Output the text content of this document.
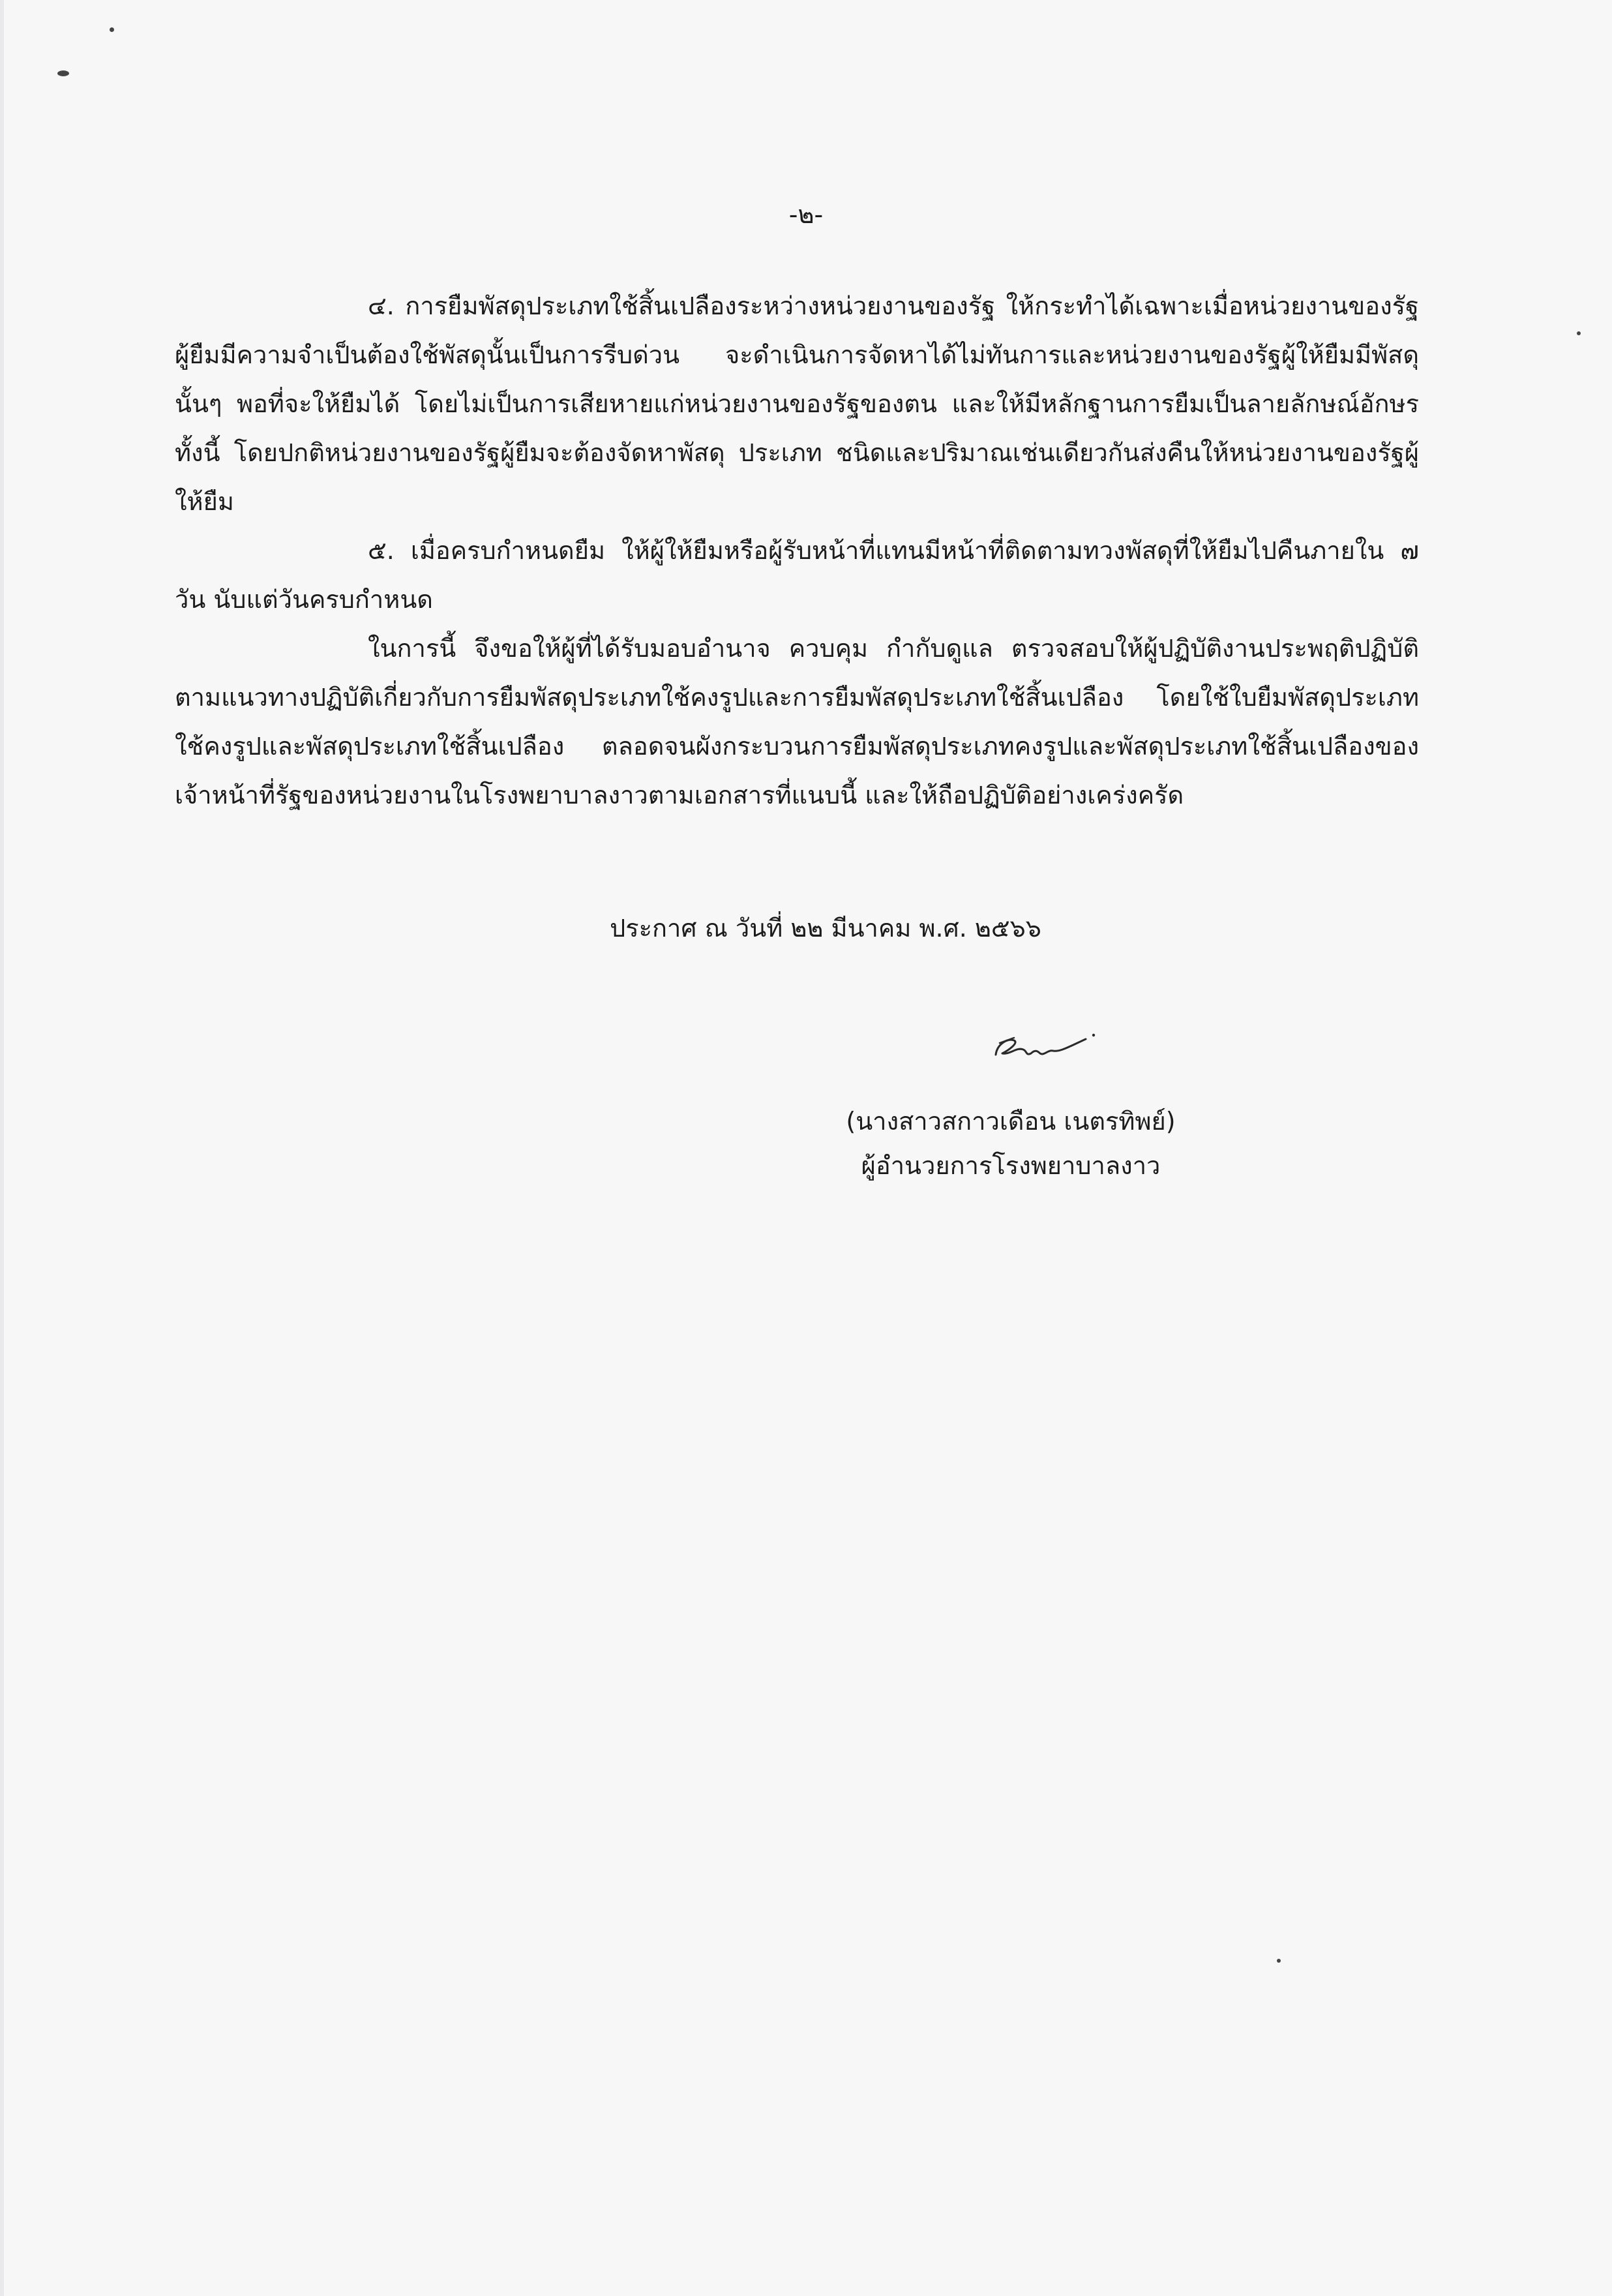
-๒-

๔. การยืมพัสดุประเภทใช้สิ้นเปลืองระหว่างหน่วยงานของรัฐ ให้กระทำได้เฉพาะเมื่อหน่วยงานของรัฐผู้ยืมมีความจำเป็นต้องใช้พัสดุนั้นเป็นการรีบด่วน จะดำเนินการจัดหาได้ไม่ทันการและหน่วยงานของรัฐผู้ให้ยืมมีพัสดุนั้นๆ พอที่จะให้ยืมได้ โดยไม่เป็นการเสียหายแก่หน่วยงานของรัฐของตน และให้มีหลักฐานการยืมเป็นลายลักษณ์อักษร ทั้งนี้ โดยปกติหน่วยงานของรัฐผู้ยืมจะต้องจัดหาพัสดุ ประเภท ชนิดและปริมาณเช่นเดียวกันส่งคืนให้หน่วยงานของรัฐผู้ให้ยืม

๕. เมื่อครบกำหนดยืม ให้ผู้ให้ยืมหรือผู้รับหน้าที่แทนมีหน้าที่ติดตามทวงพัสดุที่ให้ยืมไปคืนภายใน ๗ วัน นับแต่วันครบกำหนด

ในการนี้ จึงขอให้ผู้ที่ได้รับมอบอำนาจ ควบคุม กำกับดูแล ตรวจสอบให้ผู้ปฏิบัติงานประพฤติปฏิบัติตามแนวทางปฏิบัติเกี่ยวกับการยืมพัสดุประเภทใช้คงรูปและการยืมพัสดุประเภทใช้สิ้นเปลือง โดยใช้ใบยืมพัสดุประเภทใช้คงรูปและพัสดุประเภทใช้สิ้นเปลือง ตลอดจนผังกระบวนการยืมพัสดุประเภทคงรูปและพัสดุประเภทใช้สิ้นเปลืองของเจ้าหน้าที่รัฐของหน่วยงานในโรงพยาบาลงาวตามเอกสารที่แนบนี้ และให้ถือปฏิบัติอย่างเคร่งครัด

ประกาศ ณ วันที่ ๒๒ มีนาคม พ.ศ. ๒๕๖๖
(นางสาวสกาวเดือน เนตรทิพย์)
ผู้อำนวยการโรงพยาบาลงาว
